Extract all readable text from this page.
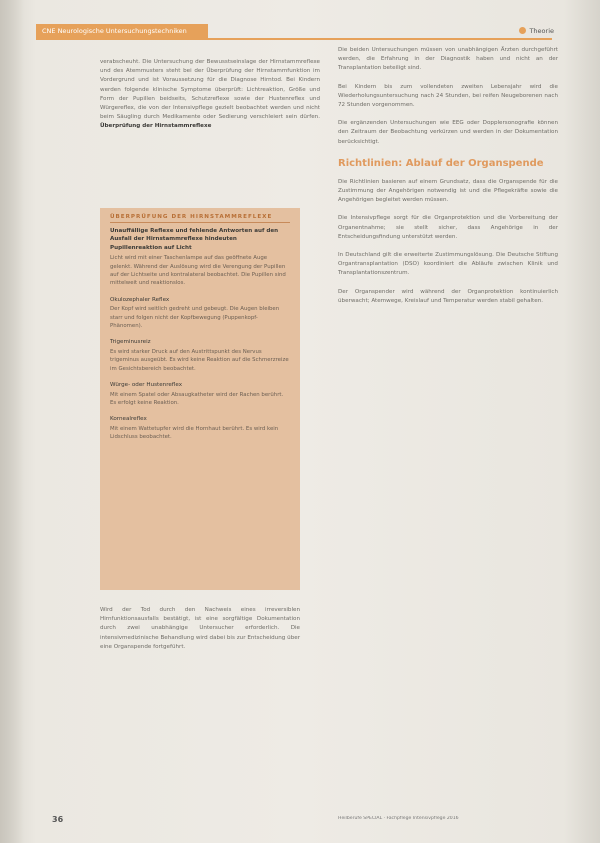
CNE Neurologische Untersuchungstechniken	Theorie

verabscheuht. Die Untersuchung der Bewusstseinslage der Hirnstammreflexe und des Atemmusters steht bei der Überprüfung der Hirnstammfunktion im Vordergrund und ist Voraussetzung für die Diagnose Hirntod. Bei Kindern werden folgende klinische Symptome überprüft: Lichtreaktion, Größe und Form der Pupillen beidseits, Schutzreflexe sowie der Hustenreflex und Würgereflex, die von der Intensivpflege gezielt beobachtet werden und nicht beim Säugling durch Medikamente oder Sedierung verschleiert sein dürfen. Überprüfung der Hirnstammreflexe

ÜBERPRÜFUNG DER HIRNSTAMMREFLEXE

Unauffällige Reflexe und fehlende Antworten auf den Ausfall der Hirnstammreflexe hindeuten Pupillenreaktion auf Licht

Licht wird mit einer Taschenlampe auf das geöffnete Auge gelenkt. Während der Auslösung wird die Verengung der Pupillen auf der Lichtseite und kontralateral beobachtet. Die Pupillen sind mittelweit und reaktionslos.

Okulozephaler Reflex

Der Kopf wird seitlich gedreht und gebeugt. Die Augen bleiben starr und folgen nicht der Kopfbewegung (Puppenkopf-Phänomen).

Trigeminusreiz

Es wird starker Druck auf den Austrittspunkt des Nervus trigeminus ausgeübt. Es wird keine Reaktion auf die Schmerzreize im Gesichtsbereich beobachtet.

Würge- oder Hustenreflex

Mit einem Spatel oder Absaugkatheter wird der Rachen berührt. Es erfolgt keine Reaktion.

Kornealreflex

Mit einem Wattetupfer wird die Hornhaut berührt. Es wird kein Lidschluss beobachtet.

Wird der Tod durch den Nachweis eines irreversiblen Hirnfunktionsausfalls bestätigt, ist eine sorgfältige Dokumentation durch zwei unabhängige Untersucher erforderlich. Die intensivmedizinische Behandlung wird dabei bis zur Entscheidung über eine Organspende fortgeführt.

Die beiden Untersuchungen müssen von unabhängigen Ärzten durchgeführt werden, die Erfahrung in der Diagnostik haben und nicht an der Transplantation beteiligt sind.

Bei Kindern bis zum vollendeten zweiten Lebensjahr wird die Wiederholungsuntersuchung nach 24 Stunden, bei reifen Neugeborenen nach 72 Stunden vorgenommen.

Die ergänzenden Untersuchungen wie EEG oder Dopplersonografie können den Zeitraum der Beobachtung verkürzen und werden in der Dokumentation berücksichtigt.

Richtlinien: Ablauf der Organspende

Die Richtlinien basieren auf einem Grundsatz, dass die Organspende für die Zustimmung der Angehörigen notwendig ist und die Pflegekräfte sowie die Angehörigen begleitet werden müssen.

Die Intensivpflege sorgt für die Organprotektion und die Vorbereitung der Organentnahme; sie stellt sicher, dass Angehörige in der Entscheidungsfindung unterstützt werden.

In Deutschland gilt die erweiterte Zustimmungslösung. Die Deutsche Stiftung Organtransplantation (DSO) koordiniert die Abläufe zwischen Klinik und Transplantationszentrum.

Der Organspender wird während der Organprotektion kontinuierlich überwacht; Atemwege, Kreislauf und Temperatur werden stabil gehalten.

36	Heilberufe SPECIAL · Fachpflege Intensivpflege 2016
